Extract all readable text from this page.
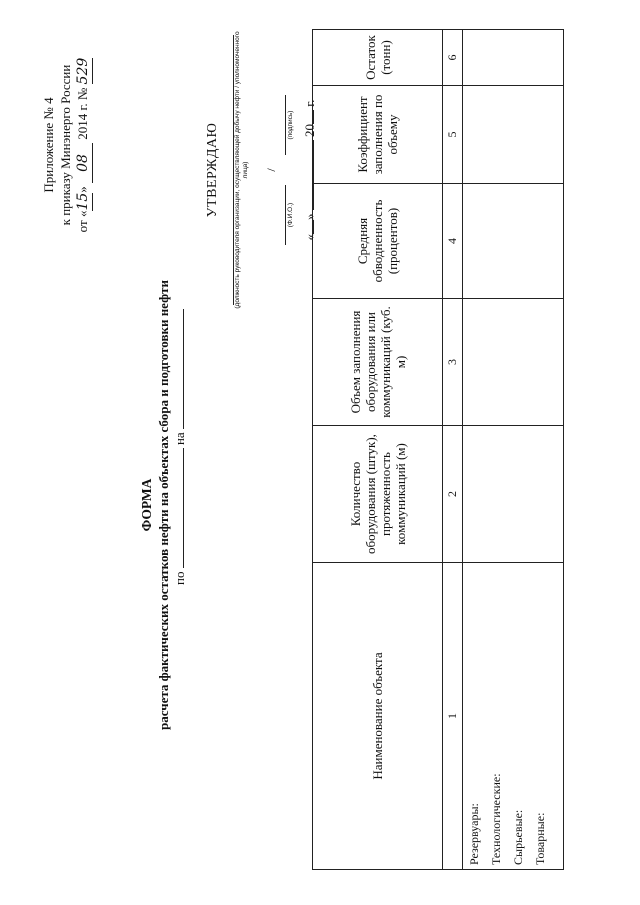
Приложение № 4 к приказу Минэнерго России от «15» 08 2014 г. № 529
ФОРМА расчета фактических остатков нефти на объектах сбора и подготовки нефти по  на
УТВЕРЖДАЮ (должность руководителя организации, осуществляющей добычу нефти / уполномоченного лица) /
(Ф.И.О.)
(подпись)
«»  20 г.
Наименование объекта	Количество оборудования (штук), протяженность коммуникаций (м)	Объем заполнения оборудования или коммуникаций (куб. м)	Средняя обводненность (процентов)	Коэффициент заполнения по объему	Остаток (тонн)
1	2	3	4	5	6

Резервуары: Технологические: Сырьевые: Товарные:					
